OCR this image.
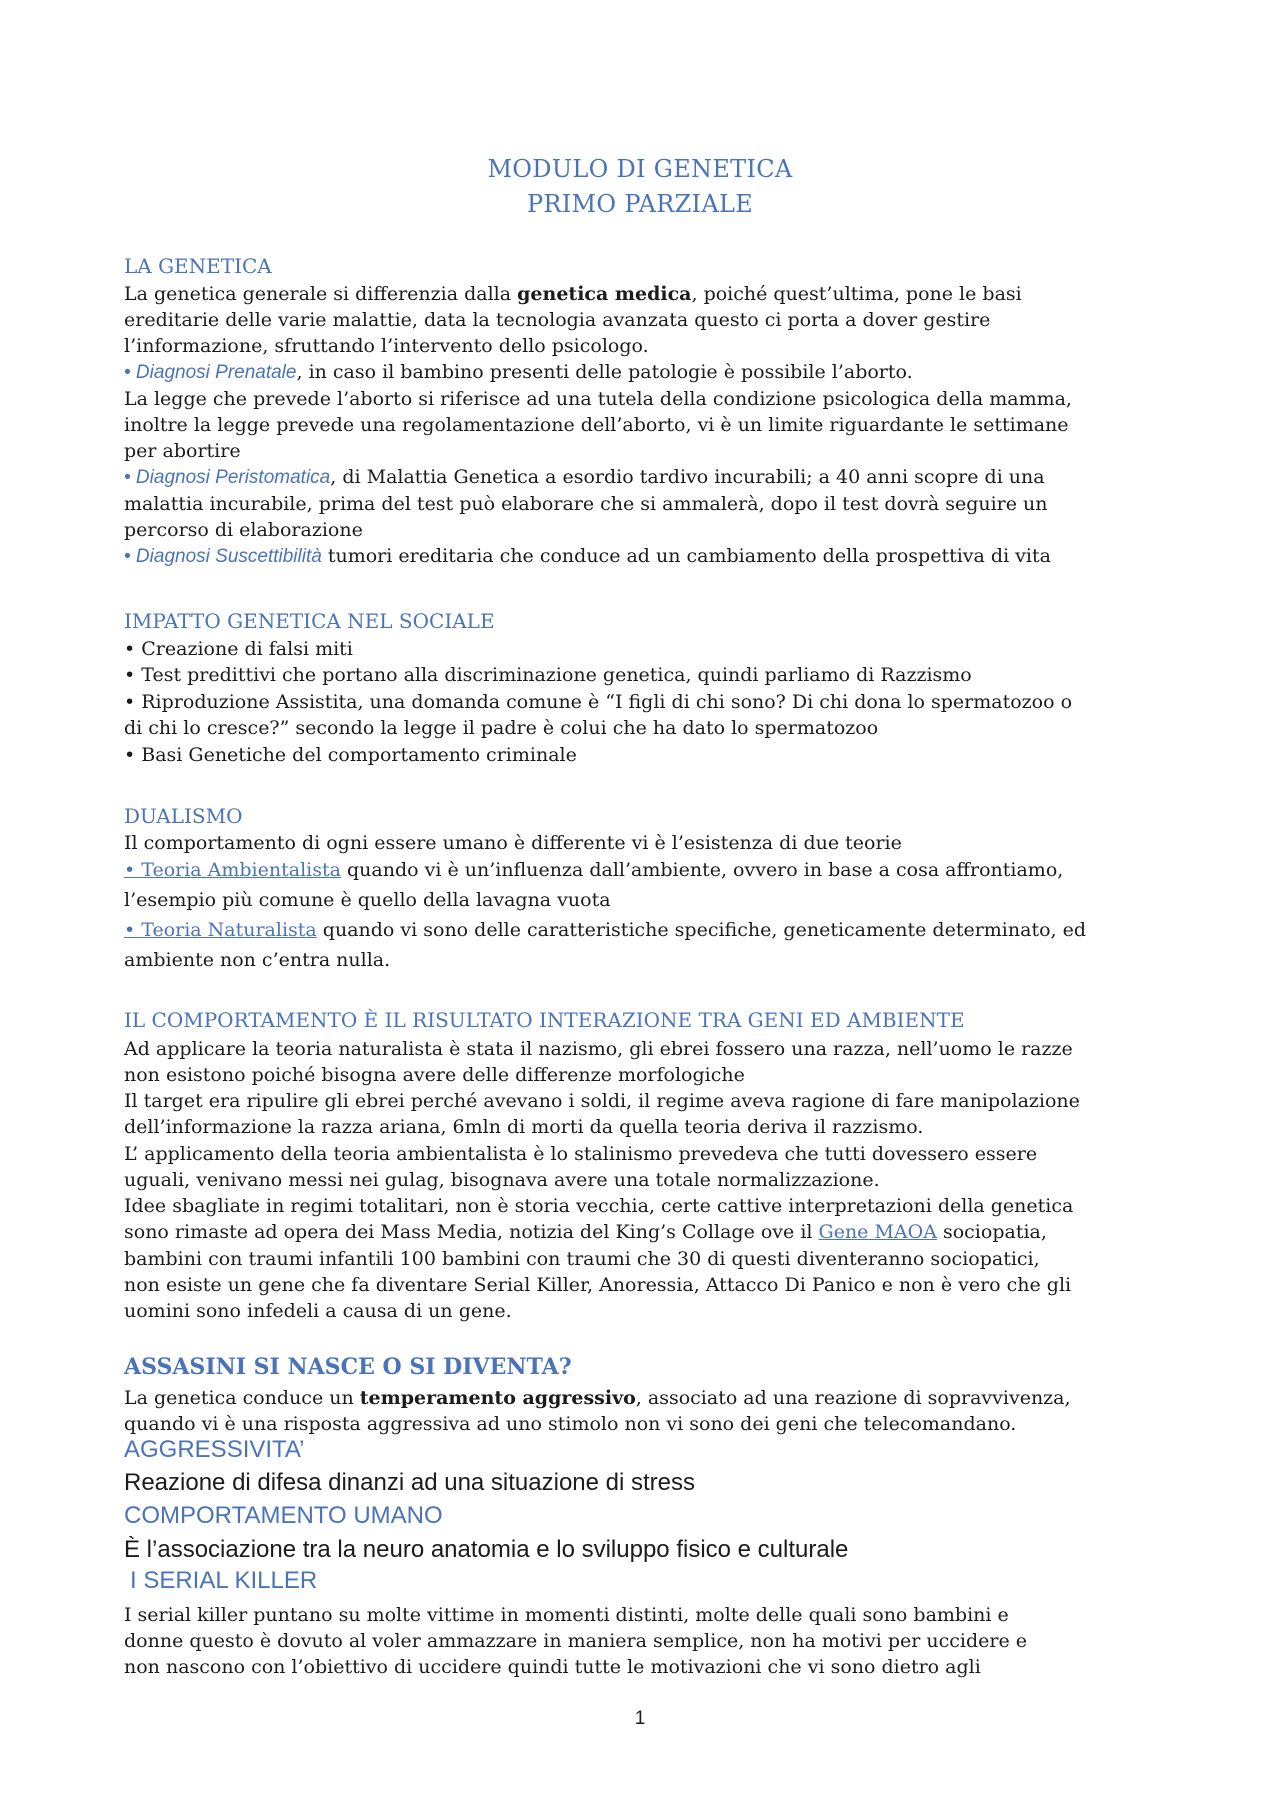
MODULO DI GENETICA
PRIMO PARZIALE
LA GENETICA
La genetica generale si differenzia dalla genetica medica, poiché quest’ultima, pone le basi
ereditarie delle varie malattie, data la tecnologia avanzata questo ci porta a dover gestire
l’informazione, sfruttando l’intervento dello psicologo.
• Diagnosi Prenatale, in caso il bambino presenti delle patologie è possibile l’aborto.
La legge che prevede l’aborto si riferisce ad una tutela della condizione psicologica della mamma,
inoltre la legge prevede una regolamentazione dell’aborto, vi è un limite riguardante le settimane
per abortire
• Diagnosi Peristomatica, di Malattia Genetica a esordio tardivo incurabili; a 40 anni scopre di una
malattia incurabile, prima del test può elaborare che si ammalerà, dopo il test dovrà seguire un
percorso di elaborazione
• Diagnosi Suscettibilità tumori ereditaria che conduce ad un cambiamento della prospettiva di vita
IMPATTO GENETICA NEL SOCIALE
• Creazione di falsi miti
• Test predittivi che portano alla discriminazione genetica, quindi parliamo di Razzismo
• Riproduzione Assistita, una domanda comune è “I figli di chi sono? Di chi dona lo spermatozoo o
di chi lo cresce?” secondo la legge il padre è colui che ha dato lo spermatozoo
• Basi Genetiche del comportamento criminale
DUALISMO
Il comportamento di ogni essere umano è differente vi è l’esistenza di due teorie
• Teoria Ambientalista quando vi è un’influenza dall’ambiente, ovvero in base a cosa affrontiamo,
l’esempio più comune è quello della lavagna vuota
• Teoria Naturalista quando vi sono delle caratteristiche specifiche, geneticamente determinato, ed
ambiente non c’entra nulla.
IL COMPORTAMENTO È IL RISULTATO INTERAZIONE TRA GENI ED AMBIENTE
Ad applicare la teoria naturalista è stata il nazismo, gli ebrei fossero una razza, nell’uomo le razze
non esistono poiché bisogna avere delle differenze morfologiche
Il target era ripulire gli ebrei perché avevano i soldi, il regime aveva ragione di fare manipolazione
dell’informazione la razza ariana, 6mln di morti da quella teoria deriva il razzismo.
L’ applicamento della teoria ambientalista è lo stalinismo prevedeva che tutti dovessero essere
uguali, venivano messi nei gulag, bisognava avere una totale normalizzazione.
Idee sbagliate in regimi totalitari, non è storia vecchia, certe cattive interpretazioni della genetica
sono rimaste ad opera dei Mass Media, notizia del King’s Collage ove il Gene MAOA sociopatia,
bambini con traumi infantili 100 bambini con traumi che 30 di questi diventeranno sociopatici,
non esiste un gene che fa diventare Serial Killer, Anoressia, Attacco Di Panico e non è vero che gli
uomini sono infedeli a causa di un gene.
ASSASINI SI NASCE O SI DIVENTA?
La genetica conduce un temperamento aggressivo, associato ad una reazione di sopravvivenza,
quando vi è una risposta aggressiva ad uno stimolo non vi sono dei geni che telecomandano.
AGGRESSIVITA’
Reazione di difesa dinanzi ad una situazione di stress
COMPORTAMENTO UMANO
È l’associazione tra la neuro anatomia e lo sviluppo fisico e culturale
I SERIAL KILLER
I serial killer puntano su molte vittime in momenti distinti, molte delle quali sono bambini e
donne questo è dovuto al voler ammazzare in maniera semplice, non ha motivi per uccidere e
non nascono con l’obiettivo di uccidere quindi tutte le motivazioni che vi sono dietro agli
1
